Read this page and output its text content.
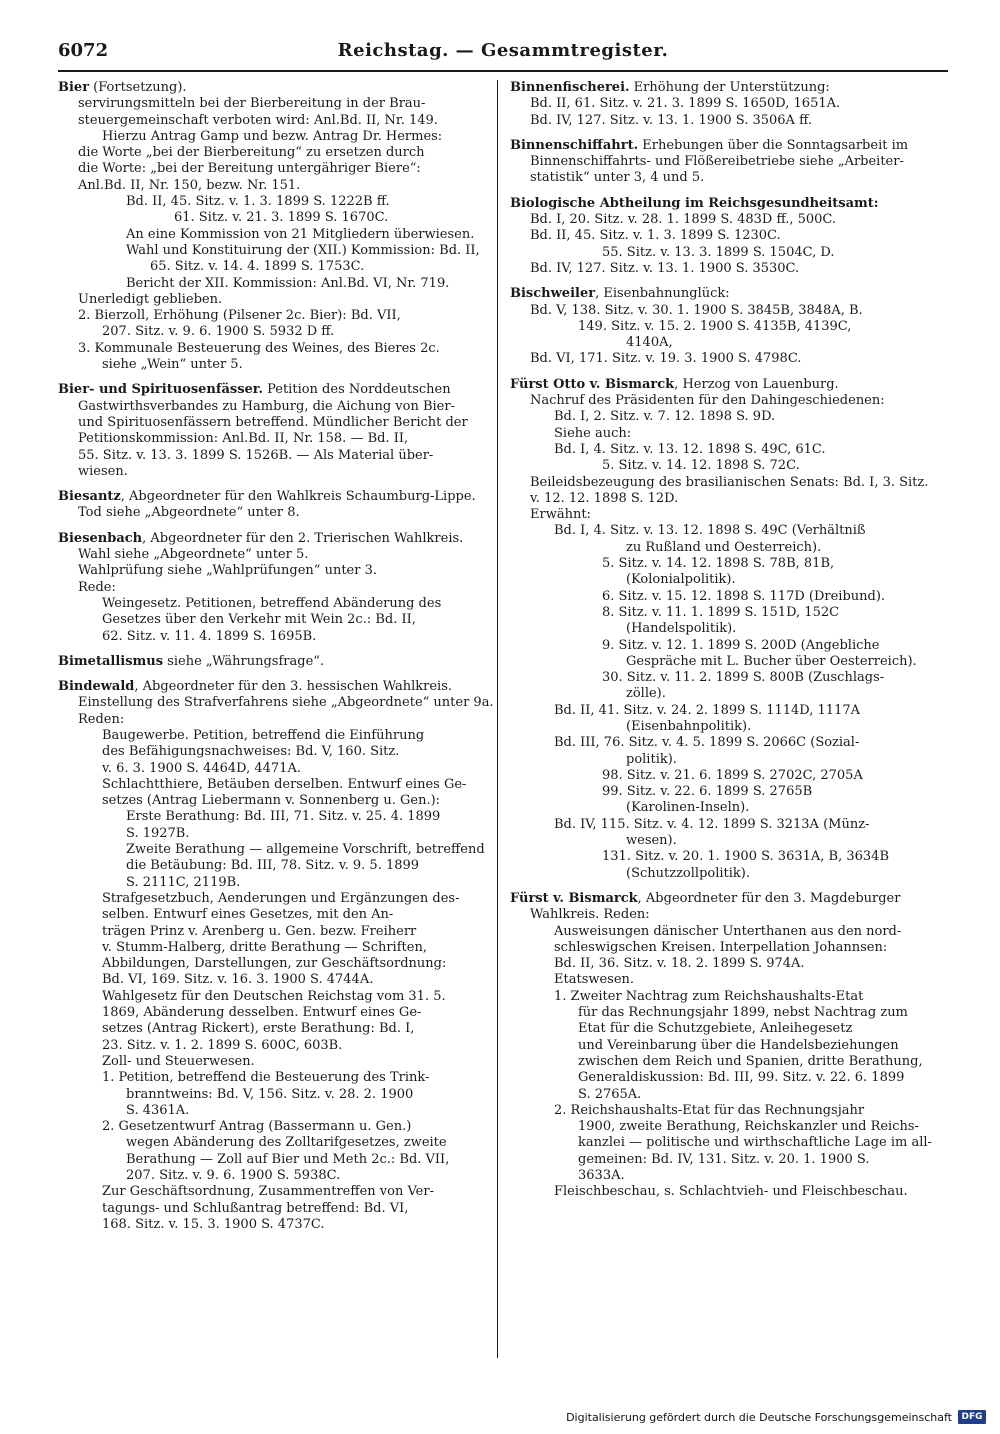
6072	Reichstag. — Gesammtregister.
Bier (Fortsetzung).
servirungsmitteln bei der Bierbereitung in der Brau-
steuergemeinschaft verboten wird: Anl.Bd. II, Nr. 149.
Hierzu Antrag Gamp und bezw. Antrag Dr. Hermes:
die Worte „bei der Bierbereitung“ zu ersetzen durch
die Worte: „bei der Bereitung untergähriger Biere“:
Anl.Bd. II, Nr. 150, bezw. Nr. 151.
Bd. II, 45. Sitz. v. 1. 3. 1899 S. 1222B ff.
61. Sitz. v. 21. 3. 1899 S. 1670C.
An eine Kommission von 21 Mitgliedern überwiesen.
Wahl und Konstituirung der (XII.) Kommission: Bd. II,
65. Sitz. v. 14. 4. 1899 S. 1753C.
Bericht der XII. Kommission: Anl.Bd. VI, Nr. 719.
Unerledigt geblieben.
2. Bierzoll, Erhöhung (Pilsener 2c. Bier): Bd. VII,
207. Sitz. v. 9. 6. 1900 S. 5932 D ff.
3. Kommunale Besteuerung des Weines, des Bieres 2c.
siehe „Wein“ unter 5.
Bier- und Spirituosenfässer. Petition des Norddeutschen
Gastwirthsverbandes zu Hamburg, die Aichung von Bier-
und Spirituosenfässern betreffend. Mündlicher Bericht der
Petitionskommission: Anl.Bd. II, Nr. 158. — Bd. II,
55. Sitz. v. 13. 3. 1899 S. 1526B. — Als Material über-
wiesen.
Biesantz, Abgeordneter für den Wahlkreis Schaumburg-Lippe.
Tod siehe „Abgeordnete“ unter 8.
Biesenbach, Abgeordneter für den 2. Trierischen Wahlkreis.
Wahl siehe „Abgeordnete“ unter 5.
Wahlprüfung siehe „Wahlprüfungen“ unter 3.
Rede:
Weingesetz. Petitionen, betreffend Abänderung des
Gesetzes über den Verkehr mit Wein 2c.: Bd. II,
62. Sitz. v. 11. 4. 1899 S. 1695B.
Bimetallismus siehe „Währungsfrage“.
Bindewald, Abgeordneter für den 3. hessischen Wahlkreis.
Einstellung des Strafverfahrens siehe „Abgeordnete“ unter 9a.
Reden:
Baugewerbe. Petition, betreffend die Einführung
des Befähigungsnachweises: Bd. V, 160. Sitz.
v. 6. 3. 1900 S. 4464D, 4471A.
Schlachtthiere, Betäuben derselben. Entwurf eines Ge-
setzes (Antrag Liebermann v. Sonnenberg u. Gen.):
Erste Berathung: Bd. III, 71. Sitz. v. 25. 4. 1899
S. 1927B.
Zweite Berathung — allgemeine Vorschrift, betreffend
die Betäubung: Bd. III, 78. Sitz. v. 9. 5. 1899
S. 2111C, 2119B.
Strafgesetzbuch, Aenderungen und Ergänzungen des-
selben. Entwurf eines Gesetzes, mit den An-
trägen Prinz v. Arenberg u. Gen. bezw. Freiherr
v. Stumm-Halberg, dritte Berathung — Schriften,
Abbildungen, Darstellungen, zur Geschäftsordnung:
Bd. VI, 169. Sitz. v. 16. 3. 1900 S. 4744A.
Wahlgesetz für den Deutschen Reichstag vom 31. 5.
1869, Abänderung desselben. Entwurf eines Ge-
setzes (Antrag Rickert), erste Berathung: Bd. I,
23. Sitz. v. 1. 2. 1899 S. 600C, 603B.
Zoll- und Steuerwesen.
1. Petition, betreffend die Besteuerung des Trink-
branntweins: Bd. V, 156. Sitz. v. 28. 2. 1900
S. 4361A.
2. Gesetzentwurf Antrag (Bassermann u. Gen.)
wegen Abänderung des Zolltarifgesetzes, zweite
Berathung — Zoll auf Bier und Meth 2c.: Bd. VII,
207. Sitz. v. 9. 6. 1900 S. 5938C.
Zur Geschäftsordnung, Zusammentreffen von Ver-
tagungs- und Schlußantrag betreffend: Bd. VI,
168. Sitz. v. 15. 3. 1900 S. 4737C.
Binnenfischerei. Erhöhung der Unterstützung:
Bd. II, 61. Sitz. v. 21. 3. 1899 S. 1650D, 1651A.
Bd. IV, 127. Sitz. v. 13. 1. 1900 S. 3506A ff.
Binnenschiffahrt. Erhebungen über die Sonntagsarbeit im
Binnenschiffahrts- und Flößereibetriebe siehe „Arbeiter-
statistik“ unter 3, 4 und 5.
Biologische Abtheilung im Reichsgesundheitsamt:
Bd. I, 20. Sitz. v. 28. 1. 1899 S. 483D ff., 500C.
Bd. II, 45. Sitz. v. 1. 3. 1899 S. 1230C.
55. Sitz. v. 13. 3. 1899 S. 1504C, D.
Bd. IV, 127. Sitz. v. 13. 1. 1900 S. 3530C.
Bischweiler, Eisenbahnunglück:
Bd. V, 138. Sitz. v. 30. 1. 1900 S. 3845B, 3848A, B.
149. Sitz. v. 15. 2. 1900 S. 4135B, 4139C,
4140A,
Bd. VI, 171. Sitz. v. 19. 3. 1900 S. 4798C.
Fürst Otto v. Bismarck, Herzog von Lauenburg.
Nachruf des Präsidenten für den Dahingeschiedenen:
Bd. I, 2. Sitz. v. 7. 12. 1898 S. 9D.
Siehe auch:
Bd. I, 4. Sitz. v. 13. 12. 1898 S. 49C, 61C.
5. Sitz. v. 14. 12. 1898 S. 72C.
Beileidsbezeugung des brasilianischen Senats: Bd. I, 3. Sitz.
v. 12. 12. 1898 S. 12D.
Erwähnt:
Bd. I, 4. Sitz. v. 13. 12. 1898 S. 49C (Verhältniß
zu Rußland und Oesterreich).
5. Sitz. v. 14. 12. 1898 S. 78B, 81B,
(Kolonialpolitik).
6. Sitz. v. 15. 12. 1898 S. 117D (Dreibund).
8. Sitz. v. 11. 1. 1899 S. 151D, 152C
(Handelspolitik).
9. Sitz. v. 12. 1. 1899 S. 200D (Angebliche
Gespräche mit L. Bucher über Oesterreich).
30. Sitz. v. 11. 2. 1899 S. 800B (Zuschlags-
zölle).
Bd. II, 41. Sitz. v. 24. 2. 1899 S. 1114D, 1117A
(Eisenbahnpolitik).
Bd. III, 76. Sitz. v. 4. 5. 1899 S. 2066C (Sozial-
politik).
98. Sitz. v. 21. 6. 1899 S. 2702C, 2705A
99. Sitz. v. 22. 6. 1899 S. 2765B
(Karolinen-Inseln).
Bd. IV, 115. Sitz. v. 4. 12. 1899 S. 3213A (Münz-
wesen).
131. Sitz. v. 20. 1. 1900 S. 3631A, B, 3634B
(Schutzzollpolitik).
Fürst v. Bismarck, Abgeordneter für den 3. Magdeburger
Wahlkreis. Reden:
Ausweisungen dänischer Unterthanen aus den nord-
schleswigschen Kreisen. Interpellation Johannsen:
Bd. II, 36. Sitz. v. 18. 2. 1899 S. 974A.
Etatswesen.
1. Zweiter Nachtrag zum Reichshaushalts-Etat
für das Rechnungsjahr 1899, nebst Nachtrag zum
Etat für die Schutzgebiete, Anleihegesetz
und Vereinbarung über die Handelsbeziehungen
zwischen dem Reich und Spanien, dritte Berathung,
Generaldiskussion: Bd. III, 99. Sitz. v. 22. 6. 1899
S. 2765A.
2. Reichshaushalts-Etat für das Rechnungsjahr
1900, zweite Berathung, Reichskanzler und Reichs-
kanzlei — politische und wirthschaftliche Lage im all-
gemeinen: Bd. IV, 131. Sitz. v. 20. 1. 1900 S.
3633A.
Fleischbeschau, s. Schlachtvieh- und Fleischbeschau.
Digitalisierung gefördert durch die Deutsche Forschungsgemeinschaft	DFG
